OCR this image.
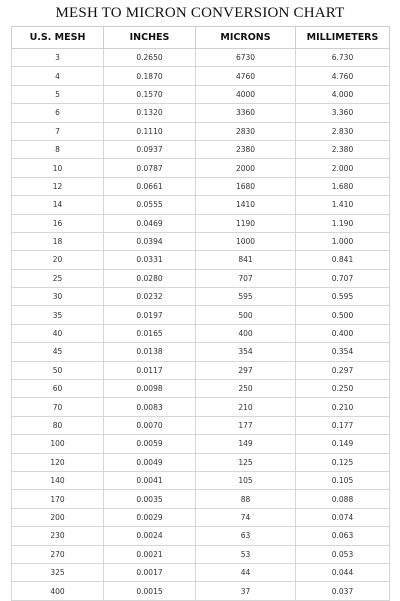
MESH TO MICRON CONVERSION CHART
U.S. MESH	INCHES	MICRONS	MILLIMETERS
3	0.2650	6730	6.730
4	0.1870	4760	4.760
5	0.1570	4000	4.000
6	0.1320	3360	3.360
7	0.1110	2830	2.830
8	0.0937	2380	2.380
10	0.0787	2000	2.000
12	0.0661	1680	1.680
14	0.0555	1410	1.410
16	0.0469	1190	1.190
18	0.0394	1000	1.000
20	0.0331	841	0.841
25	0.0280	707	0.707
30	0.0232	595	0.595
35	0.0197	500	0.500
40	0.0165	400	0.400
45	0.0138	354	0.354
50	0.0117	297	0.297
60	0.0098	250	0.250
70	0.0083	210	0.210
80	0.0070	177	0.177
100	0.0059	149	0.149
120	0.0049	125	0.125
140	0.0041	105	0.105
170	0.0035	88	0.088
200	0.0029	74	0.074
230	0.0024	63	0.063
270	0.0021	53	0.053
325	0.0017	44	0.044
400	0.0015	37	0.037
